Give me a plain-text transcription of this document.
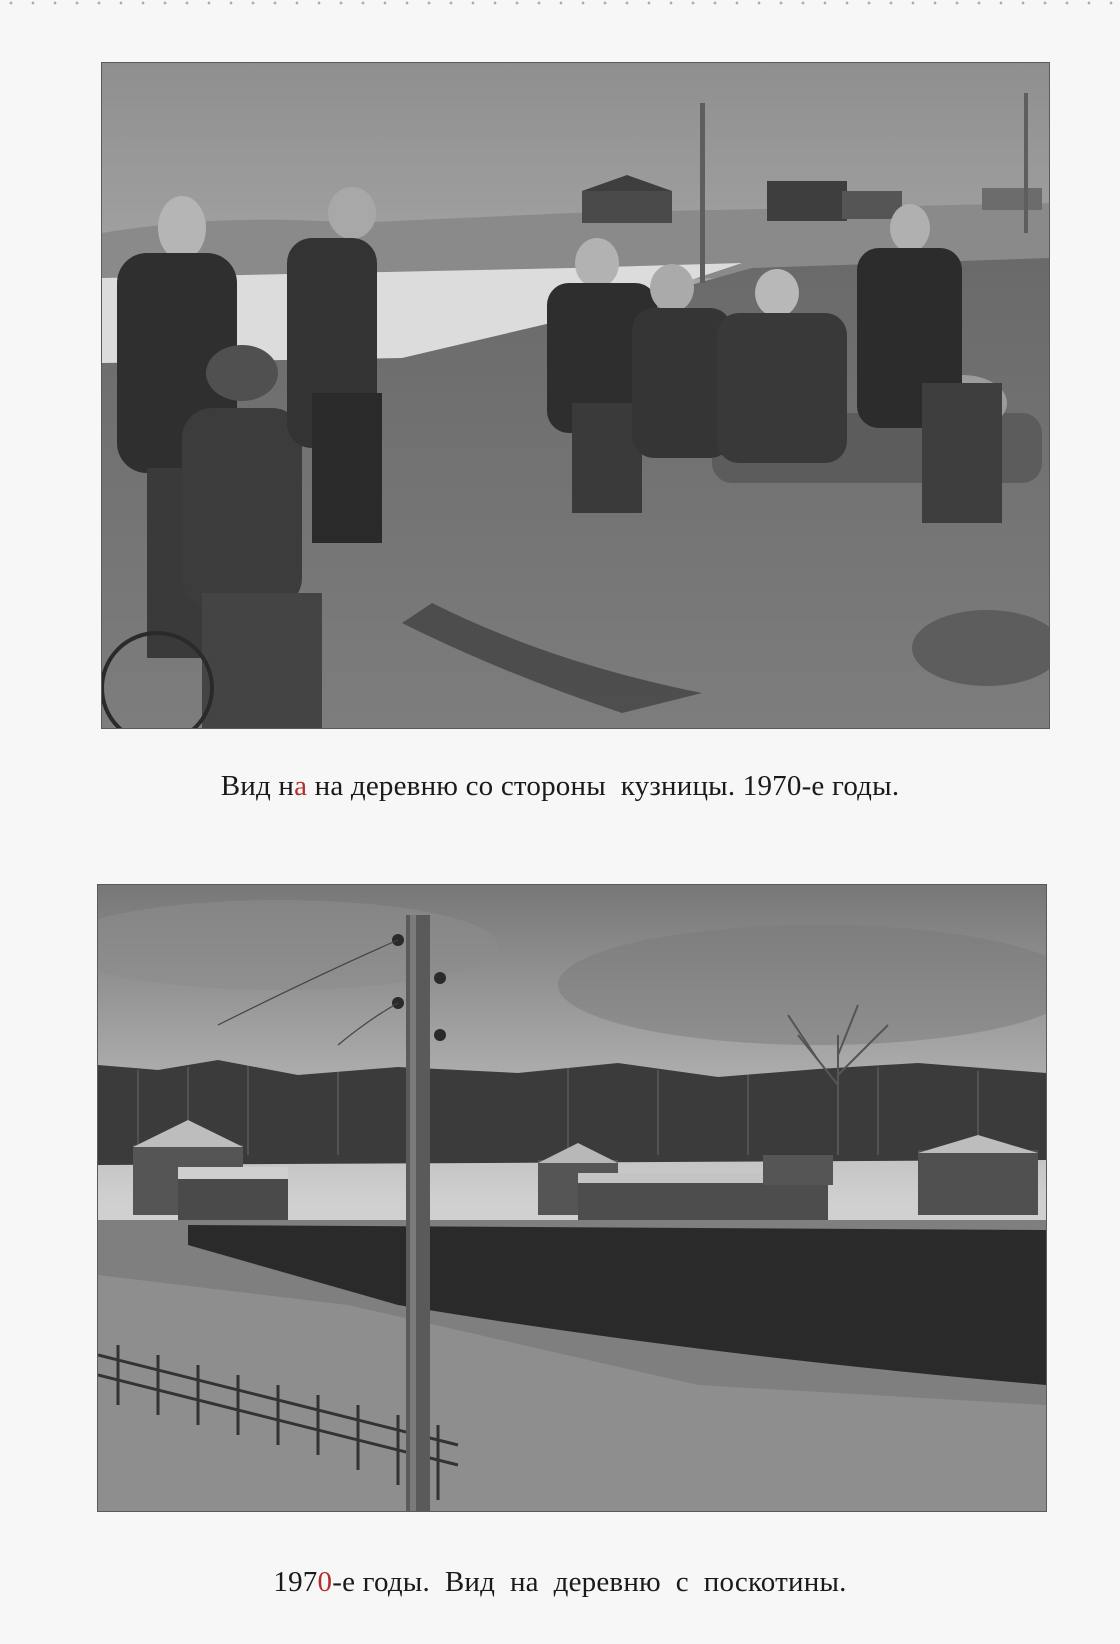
Вид на на деревню со стороны  кузницы. 1970-е годы.
1970-е годы.  Вид  на  деревню  с  поскотины.
